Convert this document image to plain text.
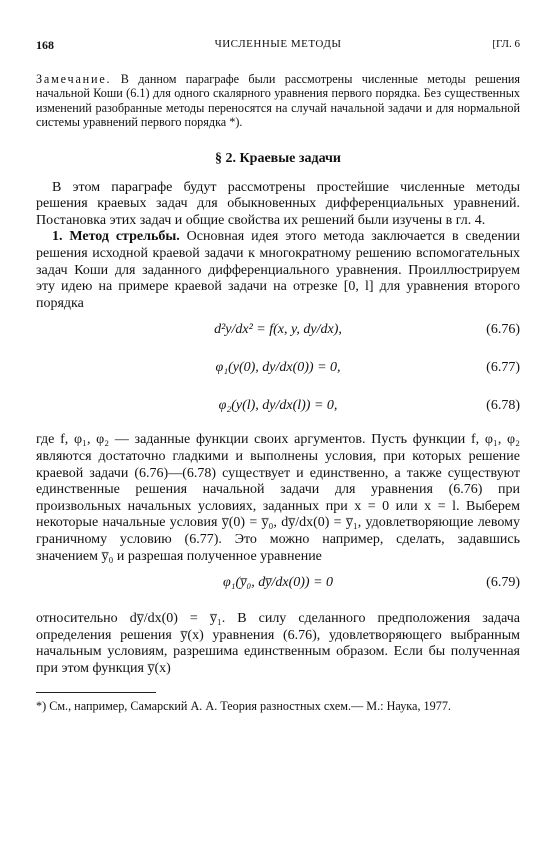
168	ЧИСЛЕННЫЕ МЕТОДЫ	[ГЛ. 6
Замечание. В данном параграфе были рассмотрены численные методы решения начальной Коши (6.1) для одного скалярного уравнения первого порядка. Без существенных изменений разобранные методы переносятся на случай начальной задачи и для нормальной системы уравнений первого порядка *).
§ 2. Краевые задачи

В этом параграфе будут рассмотрены простейшие численные методы решения краевых задач для обыкновенных дифференциальных уравнений. Постановка этих задач и общие свойства их решений были изучены в гл. 4.

1. Метод стрельбы. Основная идея этого метода заключается в сведении решения исходной краевой задачи к многократному решению вспомогательных задач Коши для заданного дифференциального уравнения. Проиллюстрируем эту идею на примере краевой задачи на отрезке [0, l] для уравнения второго порядка

d²y/dx² = f(x, y, dy/dx),	(6.76)
φ₁(y(0), dy/dx(0)) = 0,	(6.77)
φ₂(y(l), dy/dx(l)) = 0,	(6.78)

где f, φ₁, φ₂ — заданные функции своих аргументов. Пусть функции f, φ₁, φ₂ являются достаточно гладкими и выполнены условия, при которых решение краевой задачи (6.76)—(6.78) существует и единственно, а также существуют единственные решения начальной задачи для уравнения (6.76) при произвольных начальных условиях, заданных при x = 0 или x = l. Выберем некоторые начальные условия y̅(0) = y̅₀, dy̅/dx(0) = y̅₁, удовлетворяющие левому граничному условию (6.77). Это можно например, сделать, задавшись значением y̅₀ и разрешая полученное уравнение

φ₁(y̅₀, dy̅/dx(0)) = 0	(6.79)

относительно dy̅/dx(0) = y̅₁. В силу сделанного предположения задача определения решения y̅(x) уравнения (6.76), удовлетворяющего выбранным начальным условиям, разрешима единственным образом. Если бы полученная при этом функция y̅(x)

*) См., например, Самарский А. А. Теория разностных схем.— М.: Наука, 1977.
